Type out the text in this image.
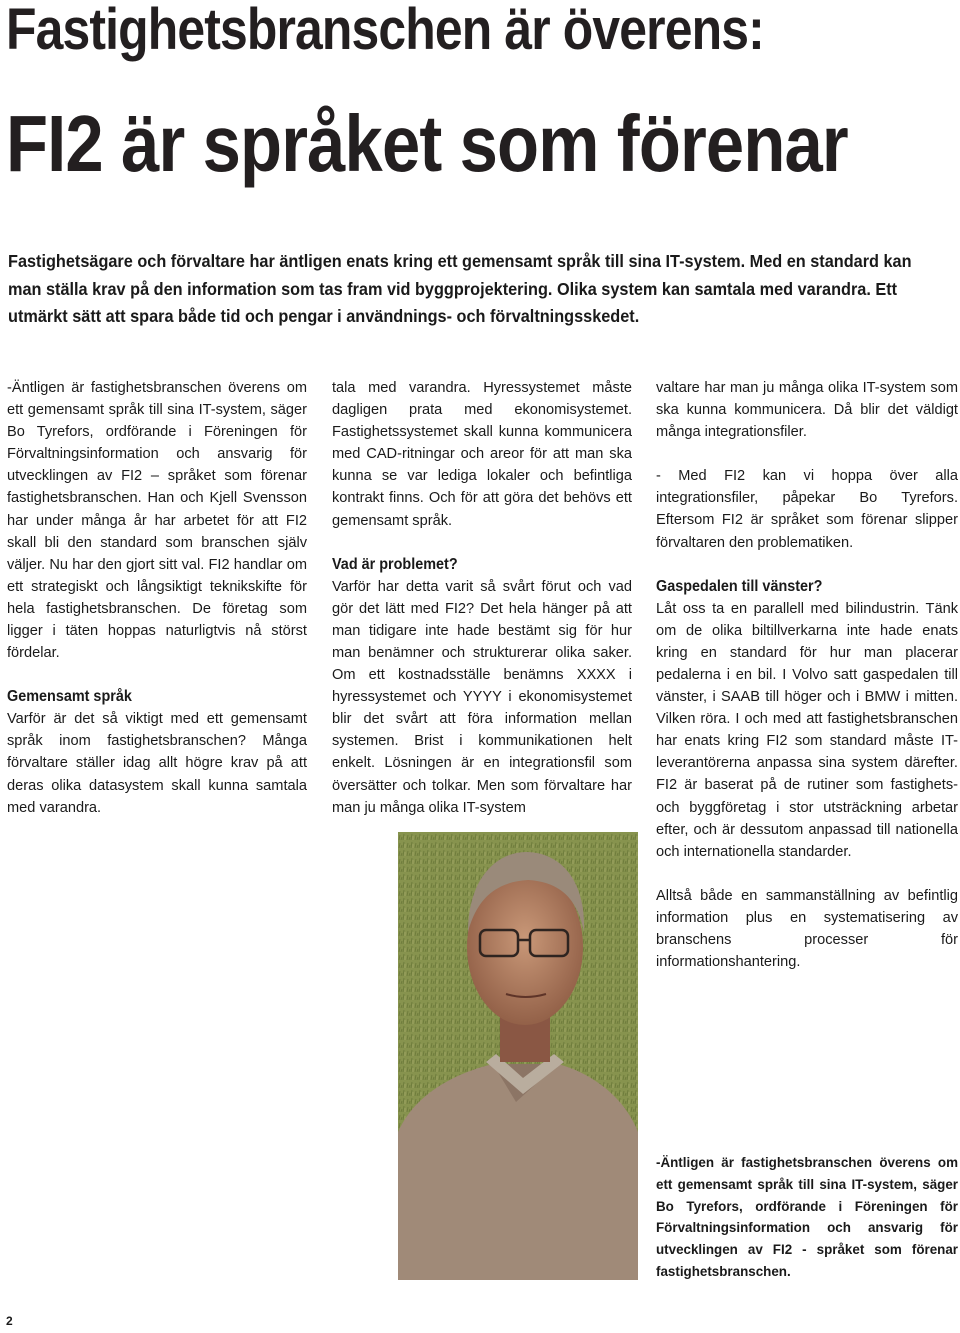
Fastighetsbranschen är överens:
FI2 är språket som förenar

Fastighetsägare och förvaltare har äntligen enats kring ett gemensamt språk till sina IT-system. Med en standard kan man ställa krav på den information som tas fram vid byggprojektering. Olika system kan samtala med varandra. Ett utmärkt sätt att spara både tid och pengar i användnings- och förvaltningsskedet.

-Äntligen är fastighetsbranschen överens om ett gemensamt språk till sina IT-system, säger Bo Tyrefors, ordförande i Föreningen för Förvaltningsinformation och ansvarig för utvecklingen av FI2 – språket som förenar fastighetsbranschen. Han och Kjell Svensson har under många år har arbetet för att FI2 skall bli den standard som branschen själv väljer. Nu har den gjort sitt val. FI2 handlar om ett strategiskt och långsiktigt teknikskifte för hela fastighetsbranschen. De företag som ligger i täten hoppas naturligtvis nå störst fördelar.

Gemensamt språk

Varför är det så viktigt med ett gemensamt språk inom fastighetsbranschen? Många förvaltare ställer idag allt högre krav på att deras olika datasystem skall kunna samtala med varandra.

tala med varandra. Hyressystemet måste dagligen prata med ekonomisystemet. Fastighetssystemet skall kunna kommunicera med CAD-ritningar och areor för att man ska kunna se var lediga lokaler och befintliga kontrakt finns. Och för att göra det behövs ett gemensamt språk.

Vad är problemet?

Varför har detta varit så svårt förut och vad gör det lätt med FI2? Det hela hänger på att man tidigare inte hade bestämt sig för hur man benämner och strukturerar olika saker. Om ett kostnadsställe benämns XXXX i hyressystemet och YYYY i ekonomisystemet blir det svårt att föra information mellan systemen. Brist i kommunikationen helt enkelt. Lösningen är en integrationsfil som översätter och tolkar. Men som förvaltare har man ju många olika IT-system

valtare har man ju många olika IT-system som ska kunna kommunicera. Då blir det väldigt många integrationsfiler.

- Med FI2 kan vi hoppa över alla integrationsfiler, påpekar Bo Tyrefors. Eftersom FI2 är språket som förenar slipper förvaltaren den problematiken.

Gaspedalen till vänster?

Låt oss ta en parallell med bilindustrin. Tänk om de olika biltillverkarna inte hade enats kring en standard för hur man placerar pedalerna i en bil. I Volvo satt gaspedalen till vänster, i SAAB till höger och i BMW i mitten. Vilken röra. I och med att fastighetsbranschen har enats kring FI2 som standard måste IT-leverantörerna anpassa sina system därefter. FI2 är baserat på de rutiner som fastighets- och byggföretag i stor utsträckning arbetar efter, och är dessutom anpassad till nationella och internationella standarder.

Alltså både en sammanställning av befintlig information plus en systematisering av branschens processer för informationshantering.

-Äntligen är fastighetsbranschen överens om ett gemensamt språk till sina IT-system, säger Bo Tyrefors, ordförande i Föreningen för Förvaltningsinformation och ansvarig för utvecklingen av FI2 - språket som förenar fastighetsbranschen.

2
